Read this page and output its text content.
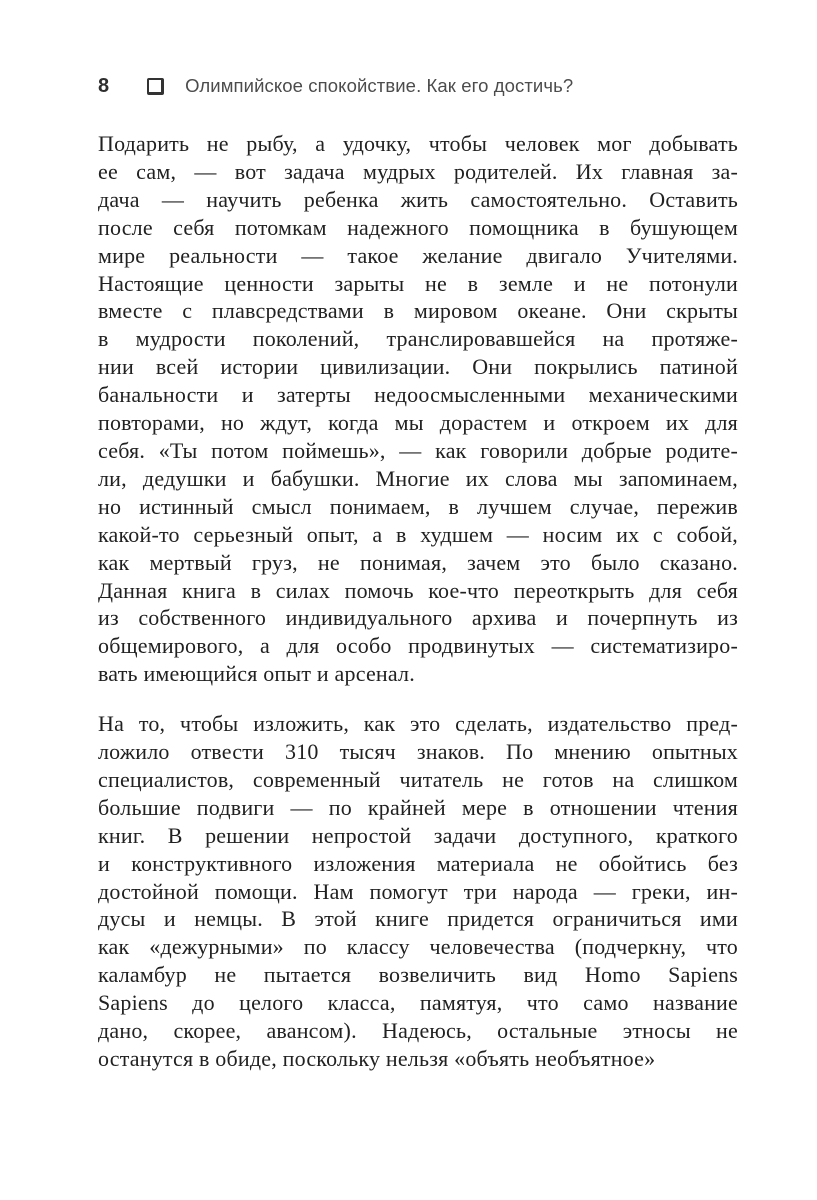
8	Олимпийское спокойствие. Как его достичь?
Подарить не рыбу, а удочку, чтобы человек мог добывать
ее сам, — вот задача мудрых родителей. Их главная за-
дача — научить ребенка жить самостоятельно. Оставить
после себя потомкам надежного помощника в бушующем
мире реальности — такое желание двигало Учителями.
Настоящие ценности зарыты не в земле и не потонули
вместе с плавсредствами в мировом океане. Они скрыты
в мудрости поколений, транслировавшейся на протяже-
нии всей истории цивилизации. Они покрылись патиной
банальности и затерты недоосмысленными механическими
повторами, но ждут, когда мы дорастем и откроем их для
себя. «Ты потом поймешь», — как говорили добрые родите-
ли, дедушки и бабушки. Многие их слова мы запоминаем,
но истинный смысл понимаем, в лучшем случае, пережив
какой-то серьезный опыт, а в худшем — носим их с собой,
как мертвый груз, не понимая, зачем это было сказано.
Данная книга в силах помочь кое-что переоткрыть для себя
из собственного индивидуального архива и почерпнуть из
общемирового, а для особо продвинутых — систематизиро-
вать имеющийся опыт и арсенал.
На то, чтобы изложить, как это сделать, издательство пред-
ложило отвести 310 тысяч знаков. По мнению опытных
специалистов, современный читатель не готов на слишком
большие подвиги — по крайней мере в отношении чтения
книг. В решении непростой задачи доступного, краткого
и конструктивного изложения материала не обойтись без
достойной помощи. Нам помогут три народа — греки, ин-
дусы и немцы. В этой книге придется ограничиться ими
как «дежурными» по классу человечества (подчеркну, что
каламбур не пытается возвеличить вид Homo Sapiens
Sapiens до целого класса, памятуя, что само название
дано, скорее, авансом). Надеюсь, остальные этносы не
останутся в обиде, поскольку нельзя «объять необъятное»
